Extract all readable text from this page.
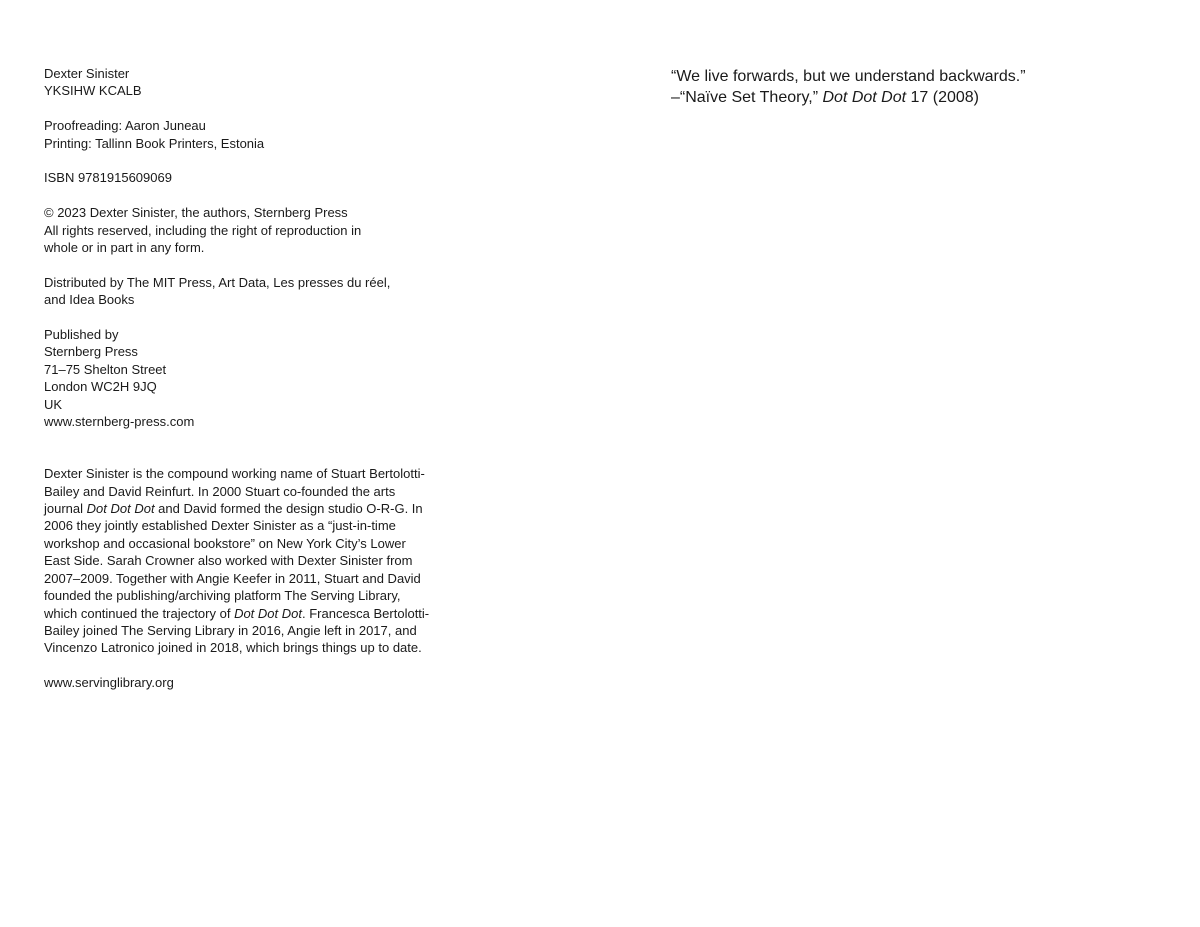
Dexter Sinister
YKSIHW KCALB

Proofreading: Aaron Juneau
Printing: Tallinn Book Printers, Estonia

ISBN 9781915609069

© 2023 Dexter Sinister, the authors, Sternberg Press
All rights reserved, including the right of reproduction in
whole or in part in any form.

Distributed by The MIT Press, Art Data, Les presses du réel,
and Idea Books

Published by
Sternberg Press
71–75 Shelton Street
London WC2H 9JQ
UK
www.sternberg-press.com

Dexter Sinister is the compound working name of Stuart Bertolotti-Bailey and David Reinfurt. In 2000 Stuart co-founded the arts journal Dot Dot Dot and David formed the design studio O-R-G. In 2006 they jointly established Dexter Sinister as a “just-in-time workshop and occasional bookstore” on New York City’s Lower East Side. Sarah Crowner also worked with Dexter Sinister from 2007–2009. Together with Angie Keefer in 2011, Stuart and David founded the publishing/archiving platform The Serving Library, which continued the trajectory of Dot Dot Dot. Francesca Bertolotti-Bailey joined The Serving Library in 2016, Angie left in 2017, and Vincenzo Latronico joined in 2018, which brings things up to date.

www.servinglibrary.org

“We live forwards, but we understand backwards.”

–“Naïve Set Theory,” Dot Dot Dot 17 (2008)
